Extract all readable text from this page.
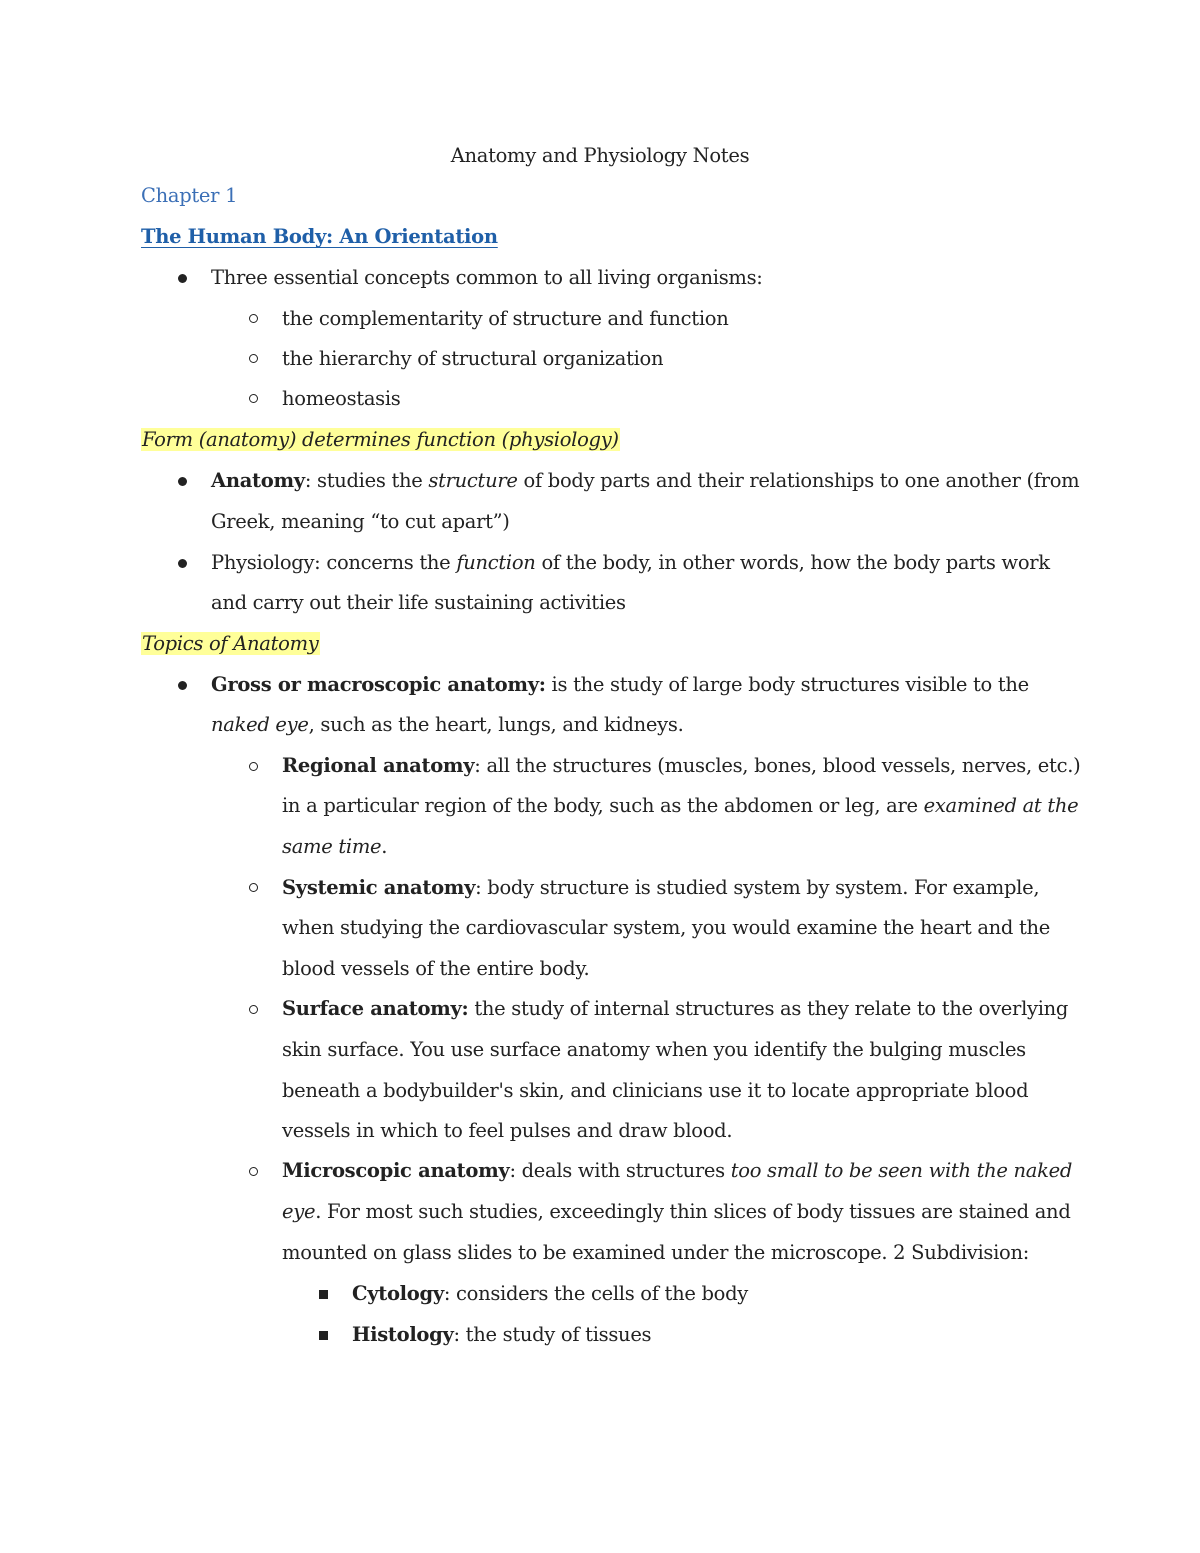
Anatomy and Physiology Notes
Chapter 1
The Human Body: An Orientation
Three essential concepts common to all living organisms:
the complementarity of structure and function
the hierarchy of structural organization
homeostasis
Form (anatomy) determines function (physiology)
Anatomy: studies the structure of body parts and their relationships to one another (from
Greek, meaning “to cut apart”)
Physiology: concerns the function of the body, in other words, how the body parts work
and carry out their life sustaining activities
Topics of Anatomy
Gross or macroscopic anatomy: is the study of large body structures visible to the
naked eye, such as the heart, lungs, and kidneys.
Regional anatomy: all the structures (muscles, bones, blood vessels, nerves, etc.)
in a particular region of the body, such as the abdomen or leg, are examined at the
same time.
Systemic anatomy: body structure is studied system by system. For example,
when studying the cardiovascular system, you would examine the heart and the
blood vessels of the entire body.
Surface anatomy: the study of internal structures as they relate to the overlying
skin surface. You use surface anatomy when you identify the bulging muscles
beneath a bodybuilder's skin, and clinicians use it to locate appropriate blood
vessels in which to feel pulses and draw blood.
Microscopic anatomy: deals with structures too small to be seen with the naked
eye. For most such studies, exceedingly thin slices of body tissues are stained and
mounted on glass slides to be examined under the microscope. 2 Subdivision:
Cytology: considers the cells of the body
Histology: the study of tissues
